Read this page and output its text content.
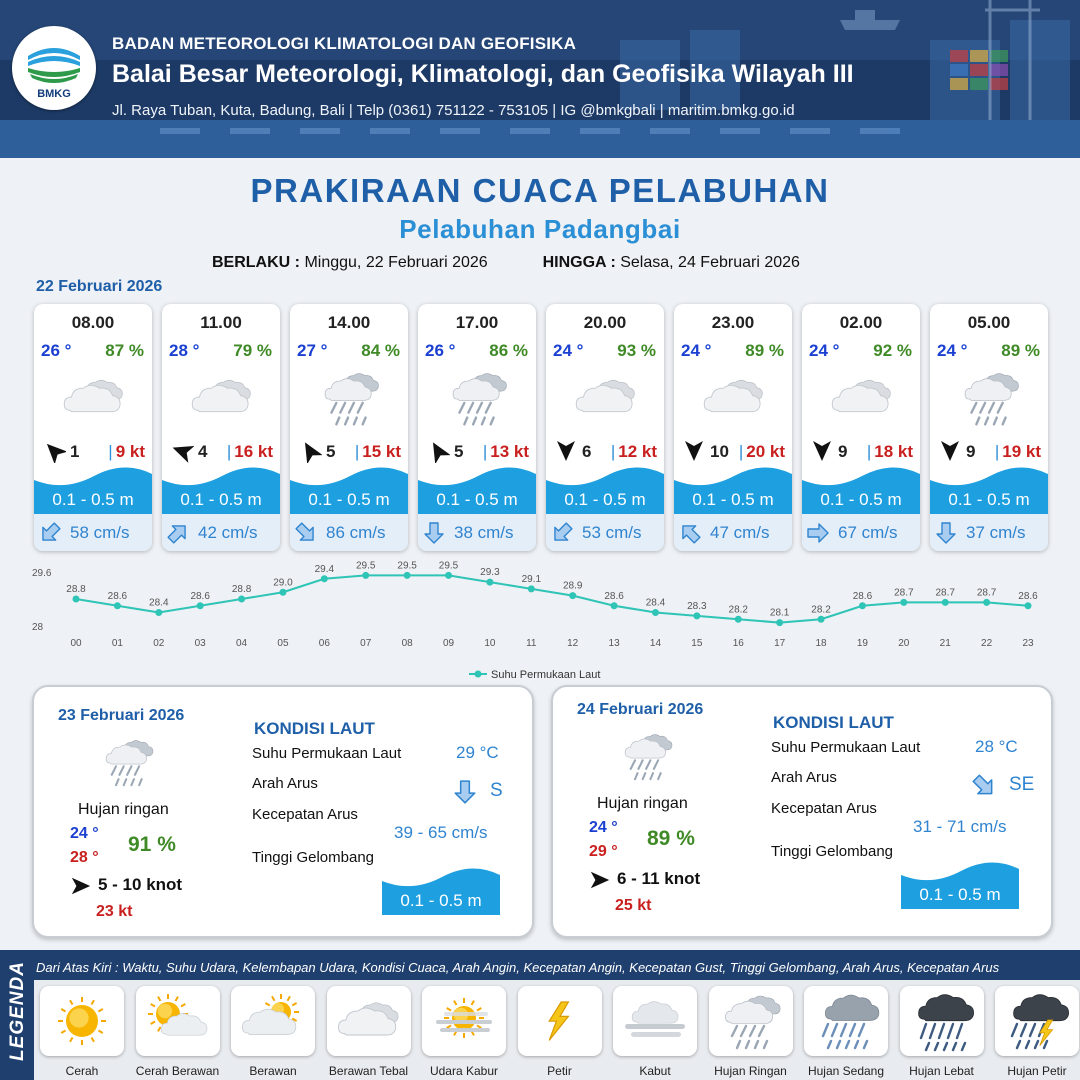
BMKG
BADAN METEOROLOGI KLIMATOLOGI DAN GEOFISIKA
Balai Besar Meteorologi, Klimatologi, dan Geofisika Wilayah III
Jl. Raya Tuban, Kuta, Badung, Bali | Telp (0361) 751122 - 753105 | IG @bmkgbali | maritim.bmkg.go.id
PRAKIRAAN CUACA PELABUHAN
Pelabuhan Padangbai
BERLAKU : Minggu, 22 Februari 2026	HINGGA : Selasa, 24 Februari 2026
22 Februari 2026
08.00
26 ° 87 %
1 | 9 kt
0.1 - 0.5 m
58 cm/s
11.00
28 ° 79 %
4 | 16 kt
0.1 - 0.5 m
42 cm/s
14.00
27 ° 84 %
5 | 15 kt
0.1 - 0.5 m
86 cm/s
17.00
26 ° 86 %
5 | 13 kt
0.1 - 0.5 m
38 cm/s
20.00
24 ° 93 %
6 | 12 kt
0.1 - 0.5 m
53 cm/s
23.00
24 ° 89 %
10 | 20 kt
0.1 - 0.5 m
47 cm/s
02.00
24 ° 92 %
9 | 18 kt
0.1 - 0.5 m
67 cm/s
05.00
24 ° 89 %
9 | 19 kt
0.1 - 0.5 m
37 cm/s
29.6
28
28.8
00
28.6
01
28.4
02
28.6
03
28.8
04
29.0
05
29.4
06
29.5
07
29.5
08
29.5
09
29.3
10
29.1
11
28.9
12
28.6
13
28.4
14
28.3
15
28.2
16
28.1
17
28.2
18
28.6
19
28.7
20
28.7
21
28.7
22
28.6
23
Suhu Permukaan Laut
23 Februari 2026
Hujan ringan
24 °
28 °
91 %
5 - 10 knot
23 kt
KONDISI LAUT
Suhu Permukaan Laut	29 °C
Arah Arus	S
Kecepatan Arus
39 - 65 cm/s
Tinggi Gelombang
0.1 - 0.5 m
24 Februari 2026
Hujan ringan
24 °
29 °
89 %
6 - 11 knot
25 kt
KONDISI LAUT
Suhu Permukaan Laut	28 °C
Arah Arus	SE
Kecepatan Arus
31 - 71 cm/s
Tinggi Gelombang
0.1 - 0.5 m
LEGENDA Dari Atas Kiri : Waktu, Suhu Udara, Kelembapan Udara, Kondisi Cuaca, Arah Angin, Kecepatan Angin, Kecepatan Gust, Tinggi Gelombang, Arah Arus, Kecepatan Arus
Cerah	Cerah Berawan	Berawan	Berawan Tebal	Udara Kabur	Petir	Kabut	Hujan Ringan	Hujan Sedang	Hujan Lebat	Hujan Petir
